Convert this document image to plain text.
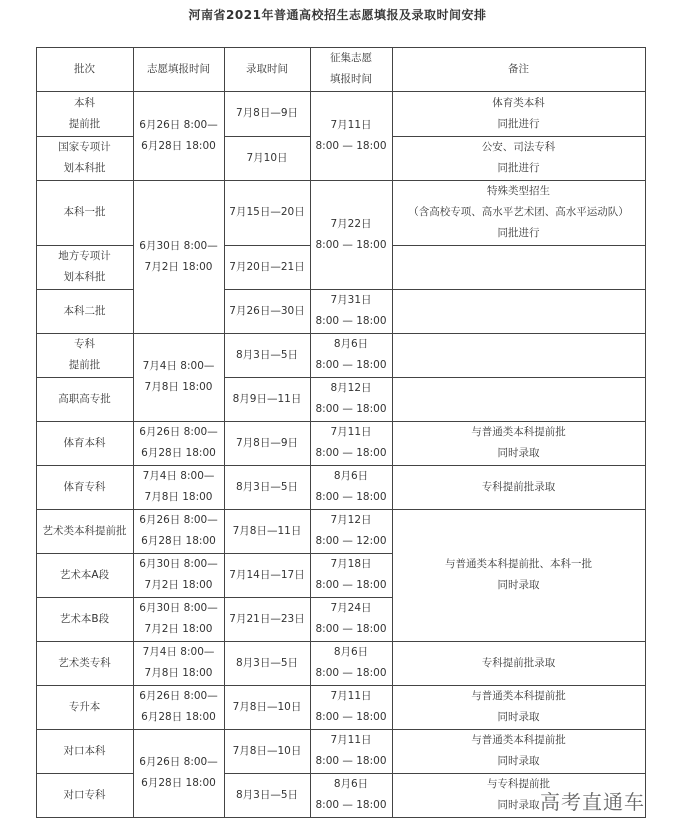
河南省2021年普通高校招生志愿填报及录取时间安排
批次	志愿填报时间	录取时间
征集志愿
填报时间
备注
本科
提前批
国家专项计
划本科批
本科一批
地方专项计
划本科批
本科二批
专科
提前批
高职高专批
体育本科
体育专科
艺术类本科提前批
艺术本A段
艺术本B段
艺术类专科
专升本
对口本科
对口专科
6月26日 8:00—
6月28日 18:00
6月30日 8:00—
7月2日 18:00
7月4日 8:00—
7月8日 18:00
6月26日 8:00—
6月28日 18:00
7月4日 8:00—
7月8日 18:00
6月26日 8:00—
6月28日 18:00
6月30日 8:00—
7月2日 18:00
6月30日 8:00—
7月2日 18:00
7月4日 8:00—
7月8日 18:00
6月26日 8:00—
6月28日 18:00
6月26日 8:00—
6月28日 18:00
7月8日—9日
7月10日
7月15日—20日
7月20日—21日
7月26日—30日
8月3日—5日
8月9日—11日
7月8日—9日
8月3日—5日
7月8日—11日
7月14日—17日
7月21日—23日
8月3日—5日
7月8日—10日
7月8日—10日
8月3日—5日
7月11日
8:00 — 18:00
7月22日
8:00 — 18:00
7月31日
8:00 — 18:00
8月6日
8:00 — 18:00
8月12日
8:00 — 18:00
7月11日
8:00 — 18:00
8月6日
8:00 — 18:00
7月12日
8:00 — 12:00
7月18日
8:00 — 18:00
7月24日
8:00 — 18:00
8月6日
8:00 — 18:00
7月11日
8:00 — 18:00
7月11日
8:00 — 18:00
8月6日
8:00 — 18:00
体育类本科
同批进行
公安、司法专科
同批进行
特殊类型招生
（含高校专项、高水平艺术团、高水平运动队）
同批进行
与普通类本科提前批
同时录取
专科提前批录取
与普通类本科提前批、本科一批
同时录取
专科提前批录取
与普通类本科提前批
同时录取
与普通类本科提前批
同时录取
与专科提前批
同时录取 高考直通车
